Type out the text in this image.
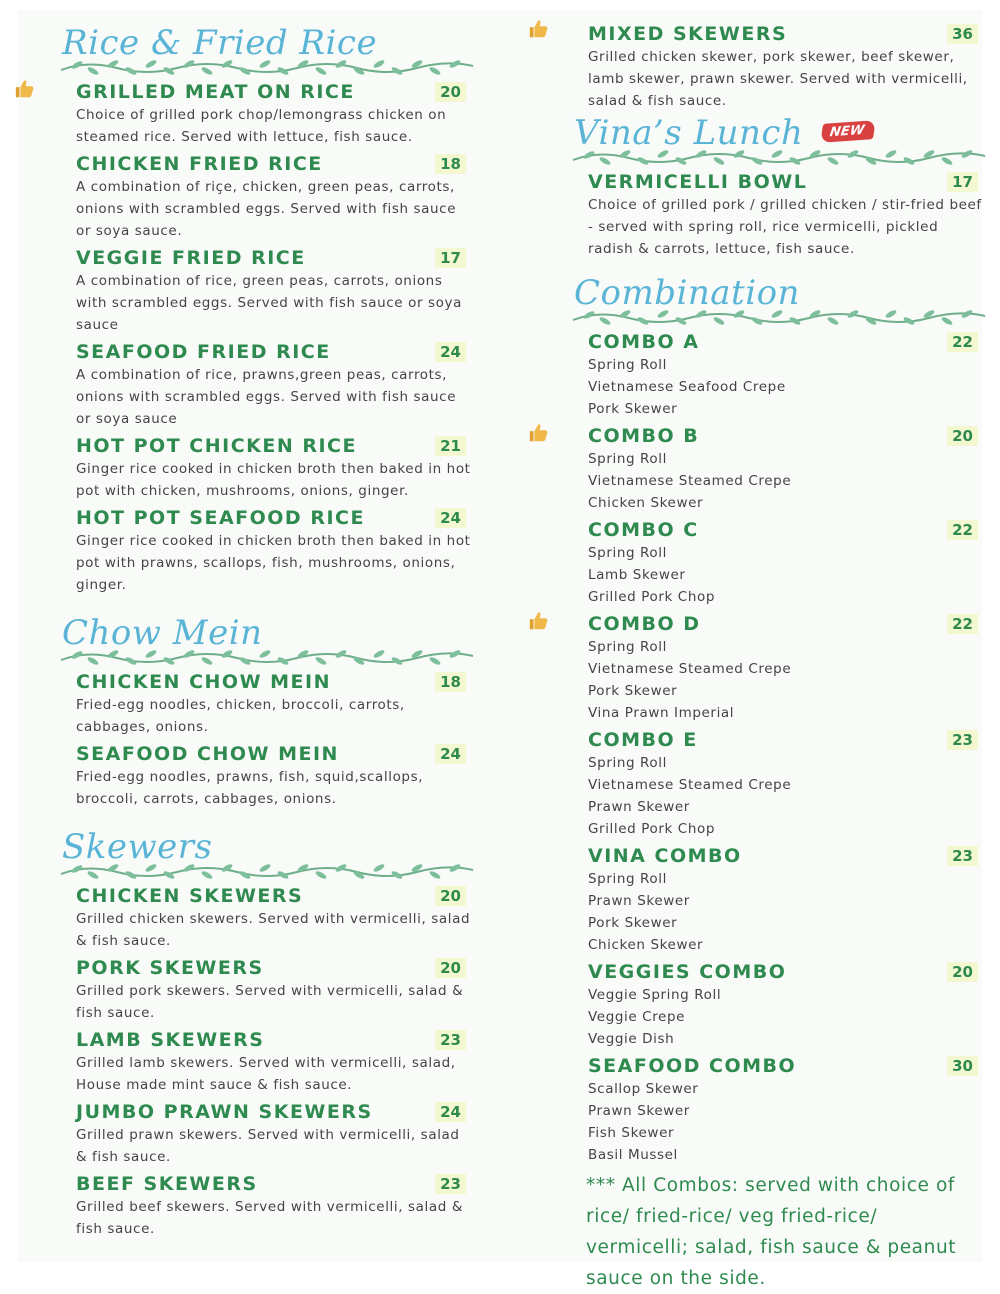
Rice & Fried Rice
GRILLED MEAT ON RICE	20
Choice of grilled pork chop/lemongrass chicken on steamed rice. Served with lettuce, fish sauce.
CHICKEN FRIED RICE	18
A combination of riçe, chicken, green peas, carrots, onions with scrambled eggs. Served with fish sauce or soya sauce.
VEGGIE FRIED RICE	17
A combination of rice, green peas, carrots, onions with scrambled eggs. Served with fish sauce or soya sauce
SEAFOOD FRIED RICE	24
A combination of rice, prawns,green peas, carrots, onions with scrambled eggs. Served with fish sauce or soya sauce
HOT POT CHICKEN RICE	21
Ginger rice cooked in chicken broth then baked in hot pot with chicken, mushrooms, onions, ginger.
HOT POT SEAFOOD RICE	24
Ginger rice cooked in chicken broth then baked in hot pot with prawns, scallops, fish, mushrooms, onions, ginger.
Chow Mein
CHICKEN CHOW MEIN	18
Fried-egg noodles, chicken, broccoli, carrots, cabbages, onions.
SEAFOOD CHOW MEIN	24
Fried-egg noodles, prawns, fish, squid,scallops, broccoli, carrots, cabbages, onions.
Skewers
CHICKEN SKEWERS	20
Grilled chicken skewers. Served with vermicelli, salad & fish sauce.
PORK SKEWERS	20
Grilled pork skewers. Served with vermicelli, salad & fish sauce.
LAMB SKEWERS	23
Grilled lamb skewers. Served with vermicelli, salad, House made mint sauce & fish sauce.
JUMBO PRAWN SKEWERS	24
Grilled prawn skewers. Served with vermicelli, salad & fish sauce.
BEEF SKEWERS	23
Grilled beef skewers. Served with vermicelli, salad & fish sauce.
MIXED SKEWERS	36
Grilled chicken skewer, pork skewer, beef skewer, lamb skewer, prawn skewer. Served with vermicelli, salad & fish sauce.
Vina’s Lunch NEW
VERMICELLI BOWL	17
Choice of grilled pork / grilled chicken / stir-fried beef - served with spring roll, rice vermicelli, pickled radish & carrots, lettuce, fish sauce.
Combination
COMBO A	22
Spring Roll
Vietnamese Seafood Crepe
Pork Skewer
COMBO B	20
Spring Roll
Vietnamese Steamed Crepe
Chicken Skewer
COMBO C	22
Spring Roll
Lamb Skewer
Grilled Pork Chop
COMBO D	22
Spring Roll
Vietnamese Steamed Crepe
Pork Skewer
Vina Prawn Imperial
COMBO E	23
Spring Roll
Vietnamese Steamed Crepe
Prawn Skewer
Grilled Pork Chop
VINA COMBO	23
Spring Roll
Prawn Skewer
Pork Skewer
Chicken Skewer
VEGGIES COMBO	20
Veggie Spring Roll
Veggie Crepe
Veggie Dish
SEAFOOD COMBO	30
Scallop Skewer
Prawn Skewer
Fish Skewer
Basil Mussel
*** All Combos: served with choice of rice/ fried-rice/ veg fried-rice/ vermicelli; salad, fish sauce & peanut sauce on the side.
